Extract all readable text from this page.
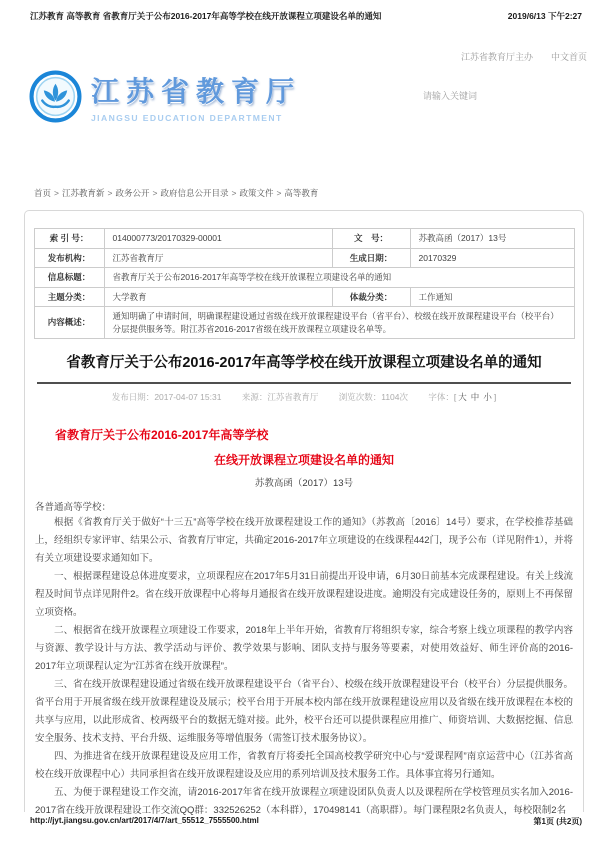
江苏教育 高等教育 省教育厅关于公布2016-2017年高等学校在线开放课程立项建设名单的通知	2019/6/13 下午2:27
江苏省教育厅主办 中文首页
江苏省教育厅
JIANGSU EDUCATION DEPARTMENT
请输入关键词
首页 > 江苏教育新 > 政务公开 > 政府信息公开目录 > 政策文件 > 高等教育
索 引 号：	014000773/20170329-00001	文　号：	苏教高函（2017）13号
发布机构：	江苏省教育厅	生成日期：	20170329
信息标题：	省教育厅关于公布2016-2017年高等学校在线开放课程立项建设名单的通知		
主题分类：	大学教育	体裁分类：	工作通知
内容概述：	通知明确了申请时间，明确课程建设通过省级在线开放课程建设平台（省平台）、校级在线开放课程建设平台（校平台）分层提供服务等。附江苏省2016-2017省级在线开放课程立项建设名单等。		
省教育厅关于公布2016-2017年高等学校在线开放课程立项建设名单的通知
发布日期：2017-04-07 15:31 来源：江苏省教育厅 浏览次数：1104次 字体：[ 大 中 小 ]
省教育厅关于公布2016-2017年高等学校
在线开放课程立项建设名单的通知
苏教高函（2017）13号
各普通高等学校：

根据《省教育厅关于做好“十三五”高等学校在线开放课程建设工作的通知》（苏教高〔2016〕14号）要求，在学校推荐基础上，经组织专家评审、结果公示、省教育厅审定，共确定2016-2017年立项建设的在线课程442门，现予公布（详见附件1），并将有关立项建设要求通知如下。

一、根据课程建设总体进度要求，立项课程应在2017年5月31日前提出开设申请，6月30日前基本完成课程建设。有关上线流程及时间节点详见附件2。省在线开放课程中心将每月通报省在线开放课程建设进度。逾期没有完成建设任务的，原则上不再保留立项资格。

二、根据省在线开放课程立项建设工作要求，2018年上半年开始，省教育厅将组织专家，综合考察上线立项课程的教学内容与资源、教学设计与方法、教学活动与评价、教学效果与影响、团队支持与服务等要素，对使用效益好、师生评价高的2016-2017年立项课程认定为“江苏省在线开放课程”。

三、省在线开放课程建设通过省级在线开放课程建设平台（省平台）、校级在线开放课程建设平台（校平台）分层提供服务。省平台用于开展省级在线开放课程建设及展示；校平台用于开展本校内部在线开放课程建设应用以及省级在线开放课程在本校的共享与应用，以此形成省、校两级平台的数据无缝对接。此外，校平台还可以提供课程应用推广、师资培训、大数据挖掘、信息安全服务、技术支持、平台升级、运维服务等增值服务（需签订技术服务协议）。

四、为推进省在线开放课程建设及应用工作，省教育厅将委托全国高校教学研究中心与“爱课程网”南京运营中心（江苏省高校在线开放课程中心）共同承担省在线开放课程建设及应用的系列培训及技术服务工作。具体事宜将另行通知。

五、为便于课程建设工作交流，请2016-2017年省在线开放课程立项建设团队负责人以及课程所在学校管理员实名加入2016-2017省在线开放课程建设工作交流QQ群：332526252（本科群），170498141（高职群）。每门课程限2名负责人，每校限制2名

http://jyt.jiangsu.gov.cn/art/2017/4/7/art_55512_7555500.html	第1页 (共2页)
